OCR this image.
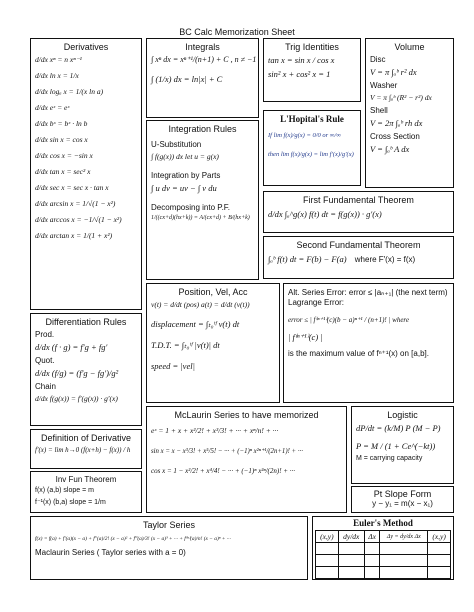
BC Calc Memorization Sheet
Derivatives
d/dx xⁿ = n xⁿ⁻¹
d/dx ln x = 1/x
d/dx logₐ x = 1/(x ln a)
d/dx eˣ = eˣ
d/dx bˣ = bˣ · ln b
d/dx sin x = cos x
d/dx cos x = −sin x
d/dx tan x = sec² x
d/dx sec x = sec x · tan x
d/dx arcsin x = 1/√(1 − x²)
d/dx arccos x = −1/√(1 − x²)
d/dx arctan x = 1/(1 + x²)
Integrals
∫ xⁿ dx = xⁿ⁺¹/(n+1) + C , n ≠ −1
∫ (1/x) dx = ln|x| + C
Trig Identities
tan x = sin x / cos x
sin² x + cos² x = 1
Volume
Disc
V = π ∫ₐᵇ r² dx
Washer
V = π ∫ₐᵇ (R² − r²) dx
Shell
V = 2π ∫ₐᵇ rh dx
Cross Section
V = ∫ₐᵇ A dx
Integration Rules
U-Substitution
∫ f(g(x)) dx let u = g(x)
Integration by Parts
∫ u dv = uv − ∫ v du
Decomposing into P.F.
1/((cx+d)(hx+k)) = A/(cx+d) + B/(hx+k)
L'Hopital's Rule
If lim f(x)/g(x) = 0/0 or ∞/∞
then lim f(x)/g(x) = lim f′(x)/g′(x)
First Fundamental Theorem
d/dx ∫ₐ^g(x) f(t) dt = f(g(x)) · g′(x)
Second Fundamental Theorem
∫ₐᵇ f(t) dt = F(b) − F(a) where F′(x) = f(x)
Differentiation Rules
Prod.
d/dx (f · g) = f′g + fg′
Quot.
d/dx (f/g) = (f′g − fg′)/g²
Chain
d/dx f(g(x)) = f′(g(x)) · g′(x)
Position, Vel, Acc
v(t) = d/dt (pos) a(t) = d/dt (v(t))
displacement = ∫ₜ₀ᵗᶠ v(t) dt
T.D.T. = ∫ₜ₀ᵗᶠ |v(t)| dt
speed = |vel|
Alt. Series Error: error ≤ |aₙ₊₁| (the next term)
Lagrange Error:
error ≤ | f⁽ⁿ⁺¹⁾(c)(b − a)ⁿ⁺¹ / (n+1)! | where
| f⁽ⁿ⁺¹⁾(c) |
is the maximum value of fⁿ⁺¹(x) on [a,b].
Definition of Derivative
f′(x) = lim h→0 (f(x+h) − f(x)) / h
Inv Fun Theorem
f(x) (a,b) slope = m
f⁻¹(x) (b,a) slope = 1/m
McLaurin Series to have memorized
eˣ = 1 + x + x²/2! + x³/3! + ··· + xⁿ/n! + ···
sin x = x − x³/3! + x⁵/5! − ··· + (−1)ⁿ x²ⁿ⁺¹/(2n+1)! + ···
cos x = 1 − x²/2! + x⁴/4! − ··· + (−1)ⁿ x²ⁿ/(2n)! + ···
Logistic
dP/dt = (k/M) P (M − P)
P = M / (1 + Ce^(−kt))
M = carrying capacity
Pt Slope Form
y − y₁ = m(x − x₁)
Taylor Series
f(x) = f(a) + f′(a)(x − a) + f″(a)/2! (x − a)² + f‴(a)/3! (x − a)³ + ··· + f⁽ⁿ⁾(a)/n! (x − a)ⁿ + ···
Maclaurin Series ( Taylor series with a = 0)
Euler's Method
(x,y)	dy/dx	Δx	Δy = dy/dx Δx	(x,y)
